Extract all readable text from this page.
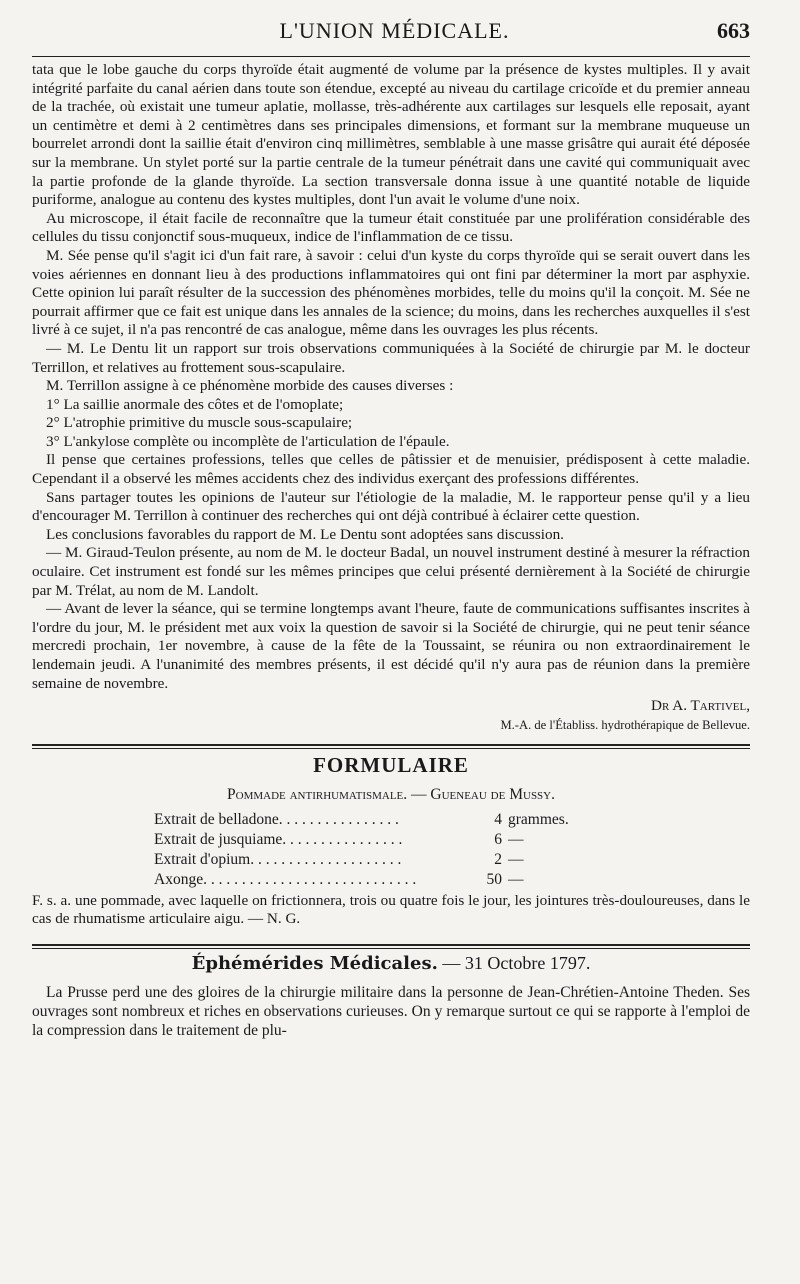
L'UNION MÉDICALE.	663

tata que le lobe gauche du corps thyroïde était augmenté de volume par la présence de kystes multiples. Il y avait intégrité parfaite du canal aérien dans toute son étendue, excepté au niveau du cartilage cricoïde et du premier anneau de la trachée, où existait une tumeur aplatie, mollasse, très-adhérente aux cartilages sur lesquels elle reposait, ayant un centimètre et demi à 2 centimètres dans ses principales dimensions, et formant sur la membrane muqueuse un bourrelet arrondi dont la saillie était d'environ cinq millimètres, semblable à une masse grisâtre qui aurait été déposée sur la membrane. Un stylet porté sur la partie centrale de la tumeur pénétrait dans une cavité qui communiquait avec la partie profonde de la glande thyroïde. La section transversale donna issue à une quantité notable de liquide puriforme, analogue au contenu des kystes multiples, dont l'un avait le volume d'une noix.

Au microscope, il était facile de reconnaître que la tumeur était constituée par une prolifération considérable des cellules du tissu conjonctif sous-muqueux, indice de l'inflammation de ce tissu.

M. Sée pense qu'il s'agit ici d'un fait rare, à savoir : celui d'un kyste du corps thyroïde qui se serait ouvert dans les voies aériennes en donnant lieu à des productions inflammatoires qui ont fini par déterminer la mort par asphyxie. Cette opinion lui paraît résulter de la succession des phénomènes morbides, telle du moins qu'il la conçoit. M. Sée ne pourrait affirmer que ce fait est unique dans les annales de la science; du moins, dans les recherches auxquelles il s'est livré à ce sujet, il n'a pas rencontré de cas analogue, même dans les ouvrages les plus récents.

— M. Le Dentu lit un rapport sur trois observations communiquées à la Société de chirurgie par M. le docteur Terrillon, et relatives au frottement sous-scapulaire.

M. Terrillon assigne à ce phénomène morbide des causes diverses :

1° La saillie anormale des côtes et de l'omoplate;

2° L'atrophie primitive du muscle sous-scapulaire;

3° L'ankylose complète ou incomplète de l'articulation de l'épaule.

Il pense que certaines professions, telles que celles de pâtissier et de menuisier, prédisposent à cette maladie. Cependant il a observé les mêmes accidents chez des individus exerçant des professions différentes.

Sans partager toutes les opinions de l'auteur sur l'étiologie de la maladie, M. le rapporteur pense qu'il y a lieu d'encourager M. Terrillon à continuer des recherches qui ont déjà contribué à éclairer cette question.

Les conclusions favorables du rapport de M. Le Dentu sont adoptées sans discussion.

— M. Giraud-Teulon présente, au nom de M. le docteur Badal, un nouvel instrument destiné à mesurer la réfraction oculaire. Cet instrument est fondé sur les mêmes principes que celui présenté dernièrement à la Société de chirurgie par M. Trélat, au nom de M. Landolt.

— Avant de lever la séance, qui se termine longtemps avant l'heure, faute de communications suffisantes inscrites à l'ordre du jour, M. le président met aux voix la question de savoir si la Société de chirurgie, qui ne peut tenir séance mercredi prochain, 1er novembre, à cause de la fête de la Toussaint, se réunira ou non extraordinairement le lendemain jeudi. A l'unanimité des membres présents, il est décidé qu'il n'y aura pas de réunion dans la première semaine de novembre.

Dr A. Tartivel,

M.-A. de l'Établiss. hydrothérapique de Bellevue.

FORMULAIRE
Pommade antirhumatismale. — Gueneau de Mussy.
Extrait de belladone. . . . . . . . . . . . . . . .	4 grammes.
Extrait de jusquiame. . . . . . . . . . . . . . . .	6 —
Extrait d'opium. . . . . . . . . . . . . . . . . . . .	2 —
Axonge. . . . . . . . . . . . . . . . . . . . . . . . . . . .	50 —

F. s. a. une pommade, avec laquelle on frictionnera, trois ou quatre fois le jour, les jointures très-douloureuses, dans le cas de rhumatisme articulaire aigu. — N. G.

Éphémérides Médicales. — 31 Octobre 1797.

La Prusse perd une des gloires de la chirurgie militaire dans la personne de Jean-Chrétien-Antoine Theden. Ses ouvrages sont nombreux et riches en observations curieuses. On y remarque surtout ce qui se rapporte à l'emploi de la compression dans le traitement de plu-
